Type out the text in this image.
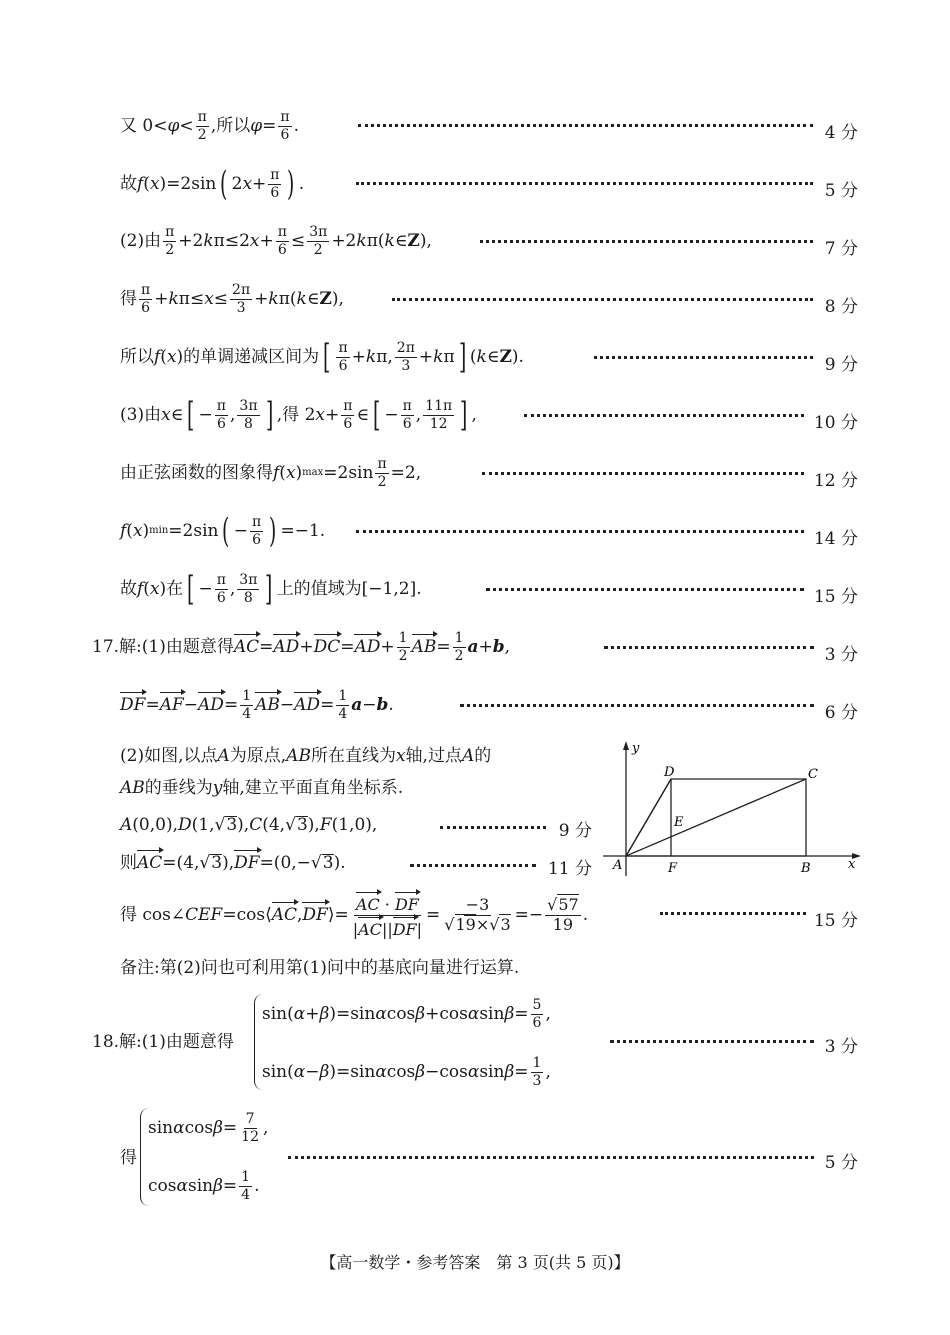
又 $0< \varphi < \frac{\pi}{2}$ ,所以 $\varphi = \frac{\pi}{6}$ .	4 分
故 f ( x )=2sin ( 2 $x + \frac{\pi}{6}$ ) .	5 分
(2)由 $\frac{\pi}{2} +2$ k π≤2 $x + \frac{\pi}{6} \le \frac{3\pi}{2} +2$ k π( k ∈ Z ),	7 分
得 $\frac{\pi}{6} + k$ $\pi\le x \le \frac{2\pi}{3} + k$ π( k ∈ Z ),	8 分
所以 f ( x )的单调递减区间为 [ $\frac{\pi}{6} + k$ π, $\frac{2\pi}{3} + k$ π ] ( k ∈ Z ).	9 分
(3)由 x ∈ [ − $\frac{\pi}{6}$ , $\frac{3\pi}{8}$ ] ,得 2 $x + \frac{\pi}{6}$ ∈ [ − $\frac{\pi}{6}$ , $\frac{11\pi}{12}$ ] ,	10 分
由正弦函数的图象得 f ( x ) $\max =2\sin \frac{\pi}{2} =2$,	12 分
f ( x ) min =2sin ( − $\frac{\pi}{6}$ ) =−1.	14 分
故 f ( x )在 [ − $\frac{\pi}{6}$ , $\frac{3\pi}{8}$ ] 上的值域为[−1,2].	15 分
17.解:(1)由题意得 AC = AD + DC = AD + $\frac{1}{2}$ AB = $\frac{1}{2}$ a + b ,	3 分
DF = AF − AD = $\frac{1}{4}$ AB − AD = $\frac{1}{4}$ a − b .	6 分
(2)如图,以点 A 为原点, AB 所在直线为 x 轴,过点 A 的
AB 的垂线为 y 轴,建立平面直角坐标系.
A (0,0), D (1, √ 3 ), C (4, √ 3 ), F (1,0),	9 分
则 AC =(4, √ 3 ), DF =(0,− √ 3 ).	11 分
y
x
A	B
C
D
E
F
得 cos∠ CEF =cos⟨ AC , DF ⟩= $\frac{AC \cdot DF}{|AC||DF|} = \frac{-3}{√19\times√3} =- \frac{√57}{19}$ .	15 分
备注:第(2)问也可利用第(1)问中的基底向量进行运算.
18.解:(1)由题意得
sin( α + β )=sin α cos β +cos α $\sin \beta = \frac{5}{6}$ ,
sin( α − β )=sin α cos β −cos α $\sin \beta = \frac{1}{3}$ ,
3 分
得
sin α $\cos \beta = \frac{7}{12}$ ,
cos α $\sin \beta = \frac{1}{4}$ .
5 分
【高一数学・参考答案　第 3 页(共 5 页)】
